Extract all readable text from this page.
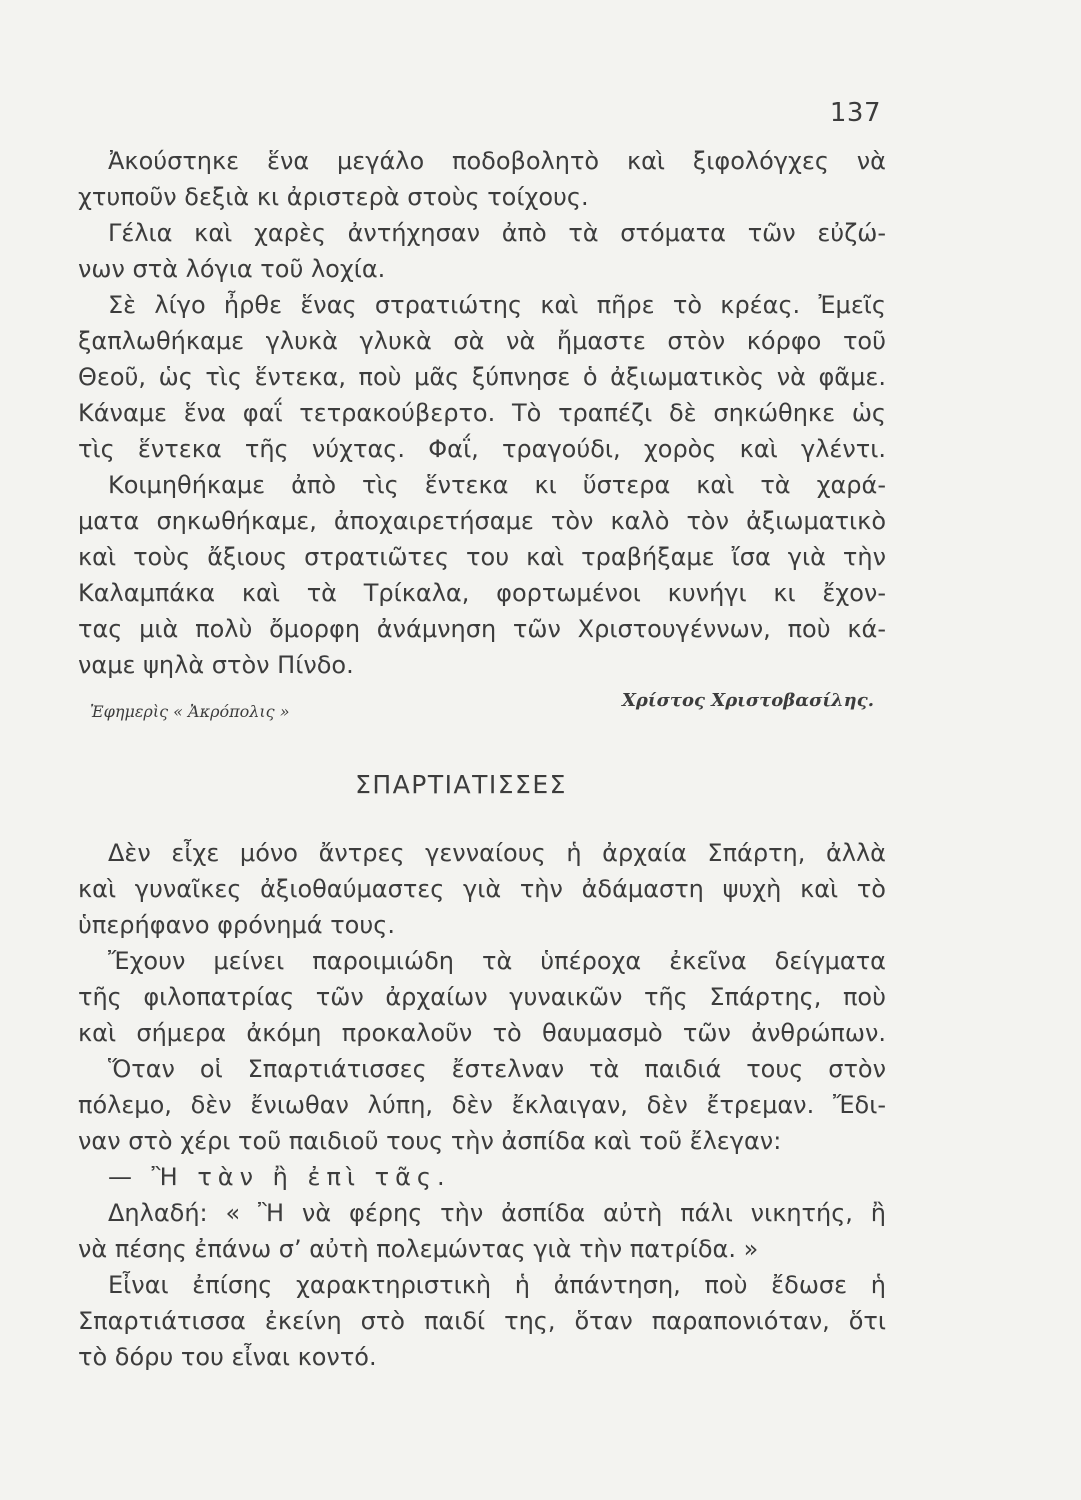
137
Ἀκούστηκε ἕνα μεγάλο ποδοβολητὸ καὶ ξιφολόγχες νὰ
χτυποῦν δεξιὰ κι ἀριστερὰ στοὺς τοίχους.
Γέλια καὶ χαρὲς ἀντήχησαν ἀπὸ τὰ στόματα τῶν εὐζώ-
νων στὰ λόγια τοῦ λοχία.
Σὲ λίγο ἦρθε ἕνας στρατιώτης καὶ πῆρε τὸ κρέας. Ἐμεῖς
ξαπλωθήκαμε γλυκὰ γλυκὰ σὰ νὰ ἤμαστε στὸν κόρφο τοῦ
Θεοῦ, ὡς τὶς ἕντεκα, ποὺ μᾶς ξύπνησε ὁ ἀξιωματικὸς νὰ φᾶμε.
Κάναμε ἕνα φαΐ τετρακούβερτο. Τὸ τραπέζι δὲ σηκώθηκε ὡς
τὶς ἕντεκα τῆς νύχτας. Φαΐ, τραγούδι, χορὸς καὶ γλέντι.
Κοιμηθήκαμε ἀπὸ τὶς ἕντεκα κι ὕστερα καὶ τὰ χαρά-
ματα σηκωθήκαμε, ἀποχαιρετήσαμε τὸν καλὸ τὸν ἀξιωματικὸ
καὶ τοὺς ἄξιους στρατιῶτες του καὶ τραβήξαμε ἴσα γιὰ τὴν
Καλαμπάκα καὶ τὰ Τρίκαλα, φορτωμένοι κυνήγι κι ἔχον-
τας μιὰ πολὺ ὄμορφη ἀνάμνηση τῶν Χριστουγέννων, ποὺ κά-
ναμε ψηλὰ στὸν Πίνδο.
Ἐφημερὶς « Ἀκρόπολις »
Χρίστος Χριστοβασίλης.
ΣΠΑΡΤΙΑΤΙΣΣΕΣ
Δὲν εἶχε μόνο ἄντρες γενναίους ἡ ἀρχαία Σπάρτη, ἀλλὰ
καὶ γυναῖκες ἀξιοθαύμαστες γιὰ τὴν ἀδάμαστη ψυχὴ καὶ τὸ
ὑπερήφανο φρόνημά τους.
Ἔχουν μείνει παροιμιώδη τὰ ὑπέροχα ἐκεῖνα δείγματα
τῆς φιλοπατρίας τῶν ἀρχαίων γυναικῶν τῆς Σπάρτης, ποὺ
καὶ σήμερα ἀκόμη προκαλοῦν τὸ θαυμασμὸ τῶν ἀνθρώπων.
Ὅταν οἱ Σπαρτιάτισσες ἔστελναν τὰ παιδιά τους στὸν
πόλεμο, δὲν ἔνιωθαν λύπη, δὲν ἔκλαιγαν, δὲν ἔτρεμαν. Ἔδι-
ναν στὸ χέρι τοῦ παιδιοῦ τους τὴν ἀσπίδα καὶ τοῦ ἔλεγαν:
— Ἢ τὰν ἢ ἐπὶ τᾶς.
Δηλαδή: « Ἢ νὰ φέρης τὴν ἀσπίδα αὐτὴ πάλι νικητής, ἢ
νὰ πέσης ἐπάνω σ’ αὐτὴ πολεμώντας γιὰ τὴν πατρίδα. »
Εἶναι ἐπίσης χαρακτηριστικὴ ἡ ἀπάντηση, ποὺ ἔδωσε ἡ
Σπαρτιάτισσα ἐκείνη στὸ παιδί της, ὅταν παραπονιόταν, ὅτι
τὸ δόρυ του εἶναι κοντό.
